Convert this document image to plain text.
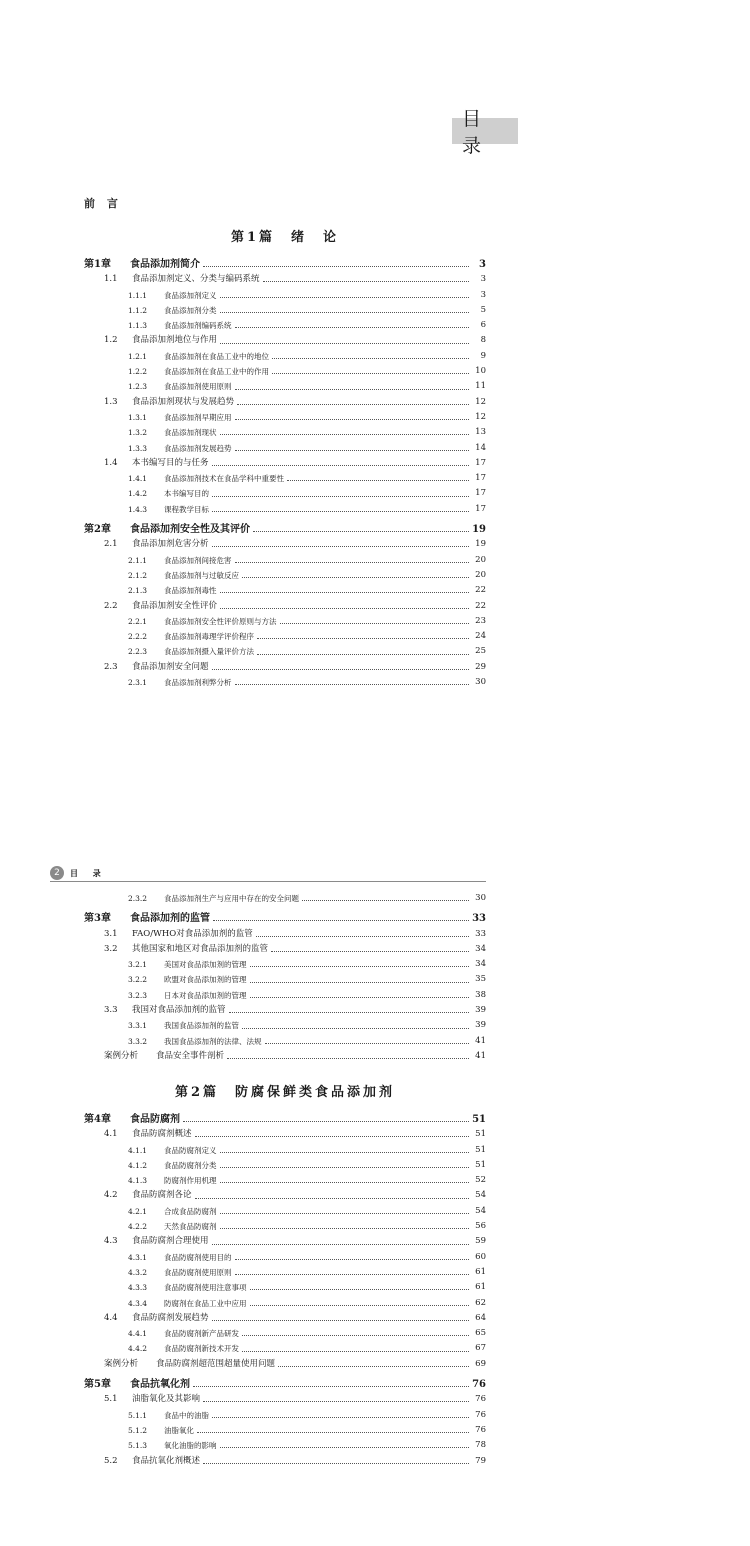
目 录
前 言
第1篇　绪　论
第1章	食品添加剂简介	3
1.1	食品添加剂定义、分类与编码系统	3
1.1.1	食品添加剂定义	3
1.1.2	食品添加剂分类	5
1.1.3	食品添加剂编码系统	6
1.2	食品添加剂地位与作用	8
1.2.1	食品添加剂在食品工业中的地位	9
1.2.2	食品添加剂在食品工业中的作用	10
1.2.3	食品添加剂使用原则	11
1.3	食品添加剂现状与发展趋势	12
1.3.1	食品添加剂早期应用	12
1.3.2	食品添加剂现状	13
1.3.3	食品添加剂发展趋势	14
1.4	本书编写目的与任务	17
1.4.1	食品添加剂技术在食品学科中重要性	17
1.4.2	本书编写目的	17
1.4.3	课程教学目标	17
第2章	食品添加剂安全性及其评价	19
2.1	食品添加剂危害分析	19
2.1.1	食品添加剂间接危害	20
2.1.2	食品添加剂与过敏反应	20
2.1.3	食品添加剂毒性	22
2.2	食品添加剂安全性评价	22
2.2.1	食品添加剂安全性评价原则与方法	23
2.2.2	食品添加剂毒理学评价程序	24
2.2.3	食品添加剂摄入量评价方法	25
2.3	食品添加剂安全问题	29
2.3.1	食品添加剂利弊分析	30
2	目 录
2.3.2	食品添加剂生产与应用中存在的安全问题	30
第3章	食品添加剂的监管	33
3.1	FAO/WHO对食品添加剂的监管	33
3.2	其他国家和地区对食品添加剂的监管	34
3.2.1	美国对食品添加剂的管理	34
3.2.2	欧盟对食品添加剂的管理	35
3.2.3	日本对食品添加剂的管理	38
3.3	我国对食品添加剂的监管	39
3.3.1	我国食品添加剂的监管	39
3.3.2	我国食品添加剂的法律、法规	41
案例分析	食品安全事件剖析	41
第2篇　防腐保鲜类食品添加剂
第4章	食品防腐剂	51
4.1	食品防腐剂概述	51
4.1.1	食品防腐剂定义	51
4.1.2	食品防腐剂分类	51
4.1.3	防腐剂作用机理	52
4.2	食品防腐剂各论	54
4.2.1	合成食品防腐剂	54
4.2.2	天然食品防腐剂	56
4.3	食品防腐剂合理使用	59
4.3.1	食品防腐剂使用目的	60
4.3.2	食品防腐剂使用原则	61
4.3.3	食品防腐剂使用注意事项	61
4.3.4	防腐剂在食品工业中应用	62
4.4	食品防腐剂发展趋势	64
4.4.1	食品防腐剂新产品研发	65
4.4.2	食品防腐剂新技术开发	67
案例分析	食品防腐剂超范围超量使用问题	69
第5章	食品抗氧化剂	76
5.1	油脂氧化及其影响	76
5.1.1	食品中的油脂	76
5.1.2	油脂氧化	76
5.1.3	氧化油脂的影响	78
5.2	食品抗氧化剂概述	79
